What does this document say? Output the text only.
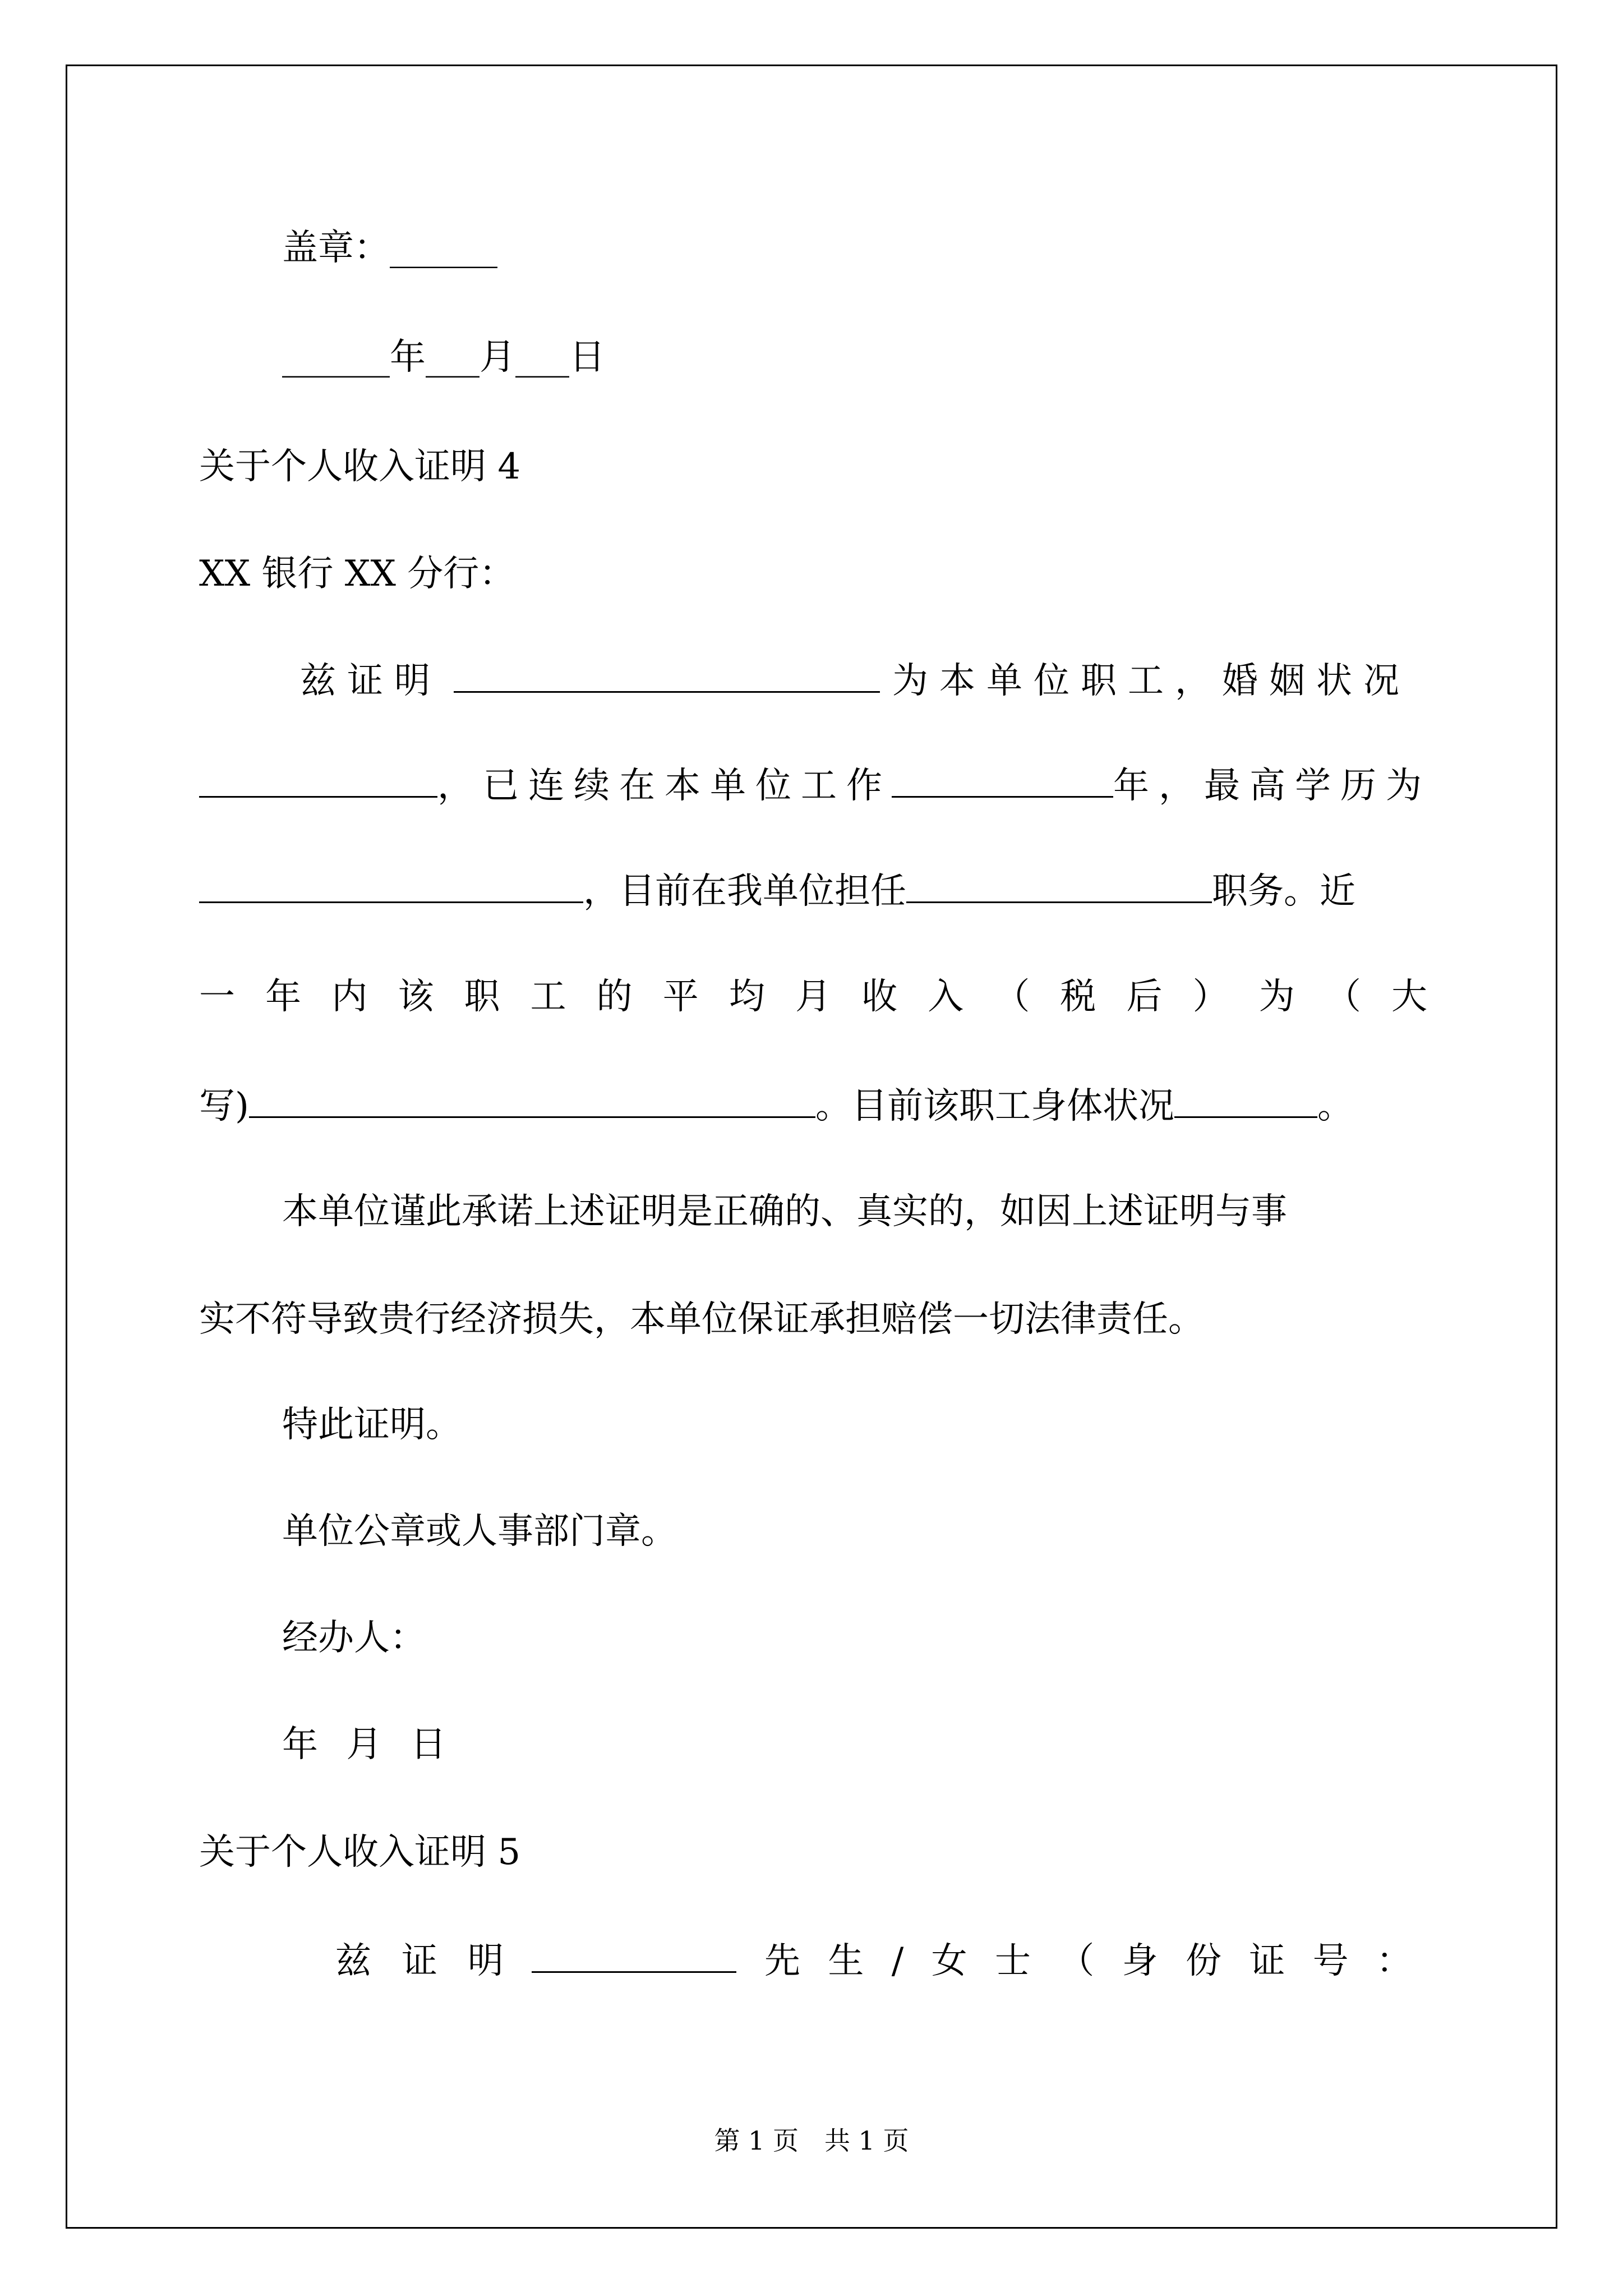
盖章：______
______年___月___日
关于个人收入证明 4
XX 银行 XX 分行：
兹证明	为本单位职工，婚姻状况
，已连续在本单位工作	年，最高学历为
，目前在我单位担任	职务。近
一 年 内 该 职 工 的 平 均 月 收 入 （ 税 后 ） 为 （ 大
写)	。目前该职工身体状况	。
本单位谨此承诺上述证明是正确的、真实的，如因上述证明与事
实不符导致贵行经济损失，本单位保证承担赔偿一切法律责任。
特此证明。
单位公章或人事部门章。
经办人：
年 月 日
关于个人收入证明 5
兹 证 明	先 生 / 女 士 （ 身 份 证 号 ：
第 1 页　共 1 页
